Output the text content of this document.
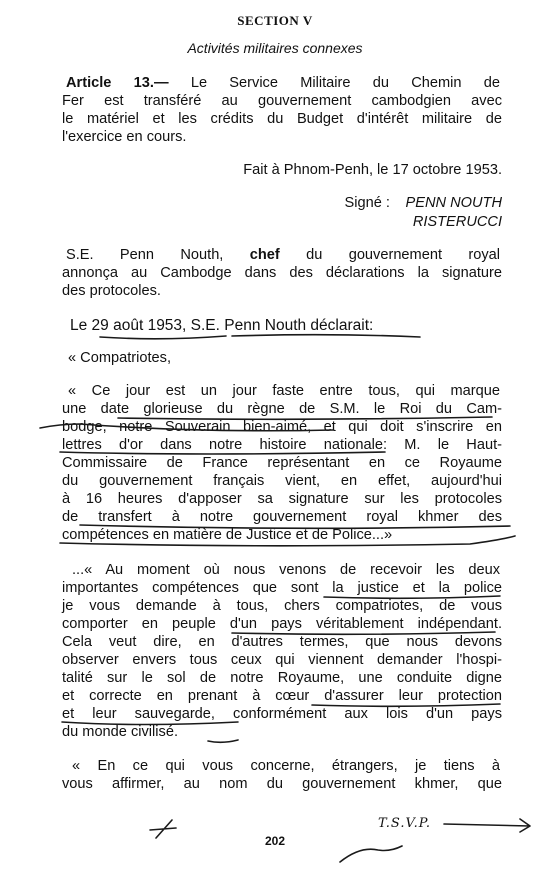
SECTION V
Activités militaires connexes
Article 13.— Le Service Militaire du Chemin de
Fer est transféré au gouvernement cambodgien avec
le matériel et les crédits du Budget d'intérêt militaire de
l'exercice en cours.
Fait à Phnom-Penh, le 17 octobre 1953.
Signé : PENN NOUTH
RISTERUCCI
S.E. Penn Nouth, chef du gouvernement royal
annonça au Cambodge dans des déclarations la signature
des protocoles.
Le 29 août 1953, S.E. Penn Nouth déclarait:
« Compatriotes,
« Ce jour est un jour faste entre tous, qui marque
une date glorieuse du règne de S.M. le Roi du Cam-
bodge, notre Souverain bien-aimé, et qui doit s'inscrire en
lettres d'or dans notre histoire nationale: M. le Haut-
Commissaire de France représentant en ce Royaume
du gouvernement français vient, en effet, aujourd'hui
à 16 heures d'apposer sa signature sur les protocoles
de transfert à notre gouvernement royal khmer des
compétences en matière de Justice et de Police...»
...« Au moment où nous venons de recevoir les deux
importantes compétences que sont la justice et la police
je vous demande à tous, chers compatriotes, de vous
comporter en peuple d'un pays véritablement indépendant.
Cela veut dire, en d'autres termes, que nous devons
observer envers tous ceux qui viennent demander l'hospi-
talité sur le sol de notre Royaume, une conduite digne
et correcte en prenant à cœur d'assurer leur protection
et leur sauvegarde, conformément aux lois d'un pays
du monde civilisé.
« En ce qui vous concerne, étrangers, je tiens à
vous affirmer, au nom du gouvernement khmer, que
202
T.S.V.P.
